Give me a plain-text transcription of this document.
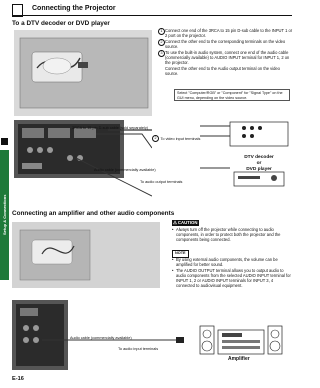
Setup & Connections
Connecting the Projector
To a DTV decoder or DVD player
1 Connect one end of the 3RCA to 15 pin D-sub cable to the INPUT 1 or 2 port on the projector.
2 Connect the other end to the corresponding terminals on the video source.
3 To use the built-in audio system, connect one end of the audio cable (commercially available) to AUDIO INPUT terminal for INPUT 1, 2 on the projector.
Connect the other end to the Audio output terminal on the video source.
Select "Computer/RGB" or "Component" for "Signal Type" on the GUI menu, depending on the video source.
3RCA to 15 pin D-sub cable (sold separately)
2	To video input terminals
Audio cable (commercially available)
To audio output terminals
DTV decoder
or
DVD player
Connecting an amplifier and other audio components
⚠ CAUTION
• Always turn off the projector while connecting to audio components, in order to protect both the projector and the components being connected.
NOTE
• By using external audio components, the volume can be amplified for better sound.
• The AUDIO OUTPUT terminal allows you to output audio to audio components from the selected AUDIO INPUT terminal for INPUT 1, 2 or AUDIO INPUT terminals for INPUT 3, 4 connected to audiovisual equipment.
Audio cable (commercially available)
To audio input terminals
Amplifier
E-16
